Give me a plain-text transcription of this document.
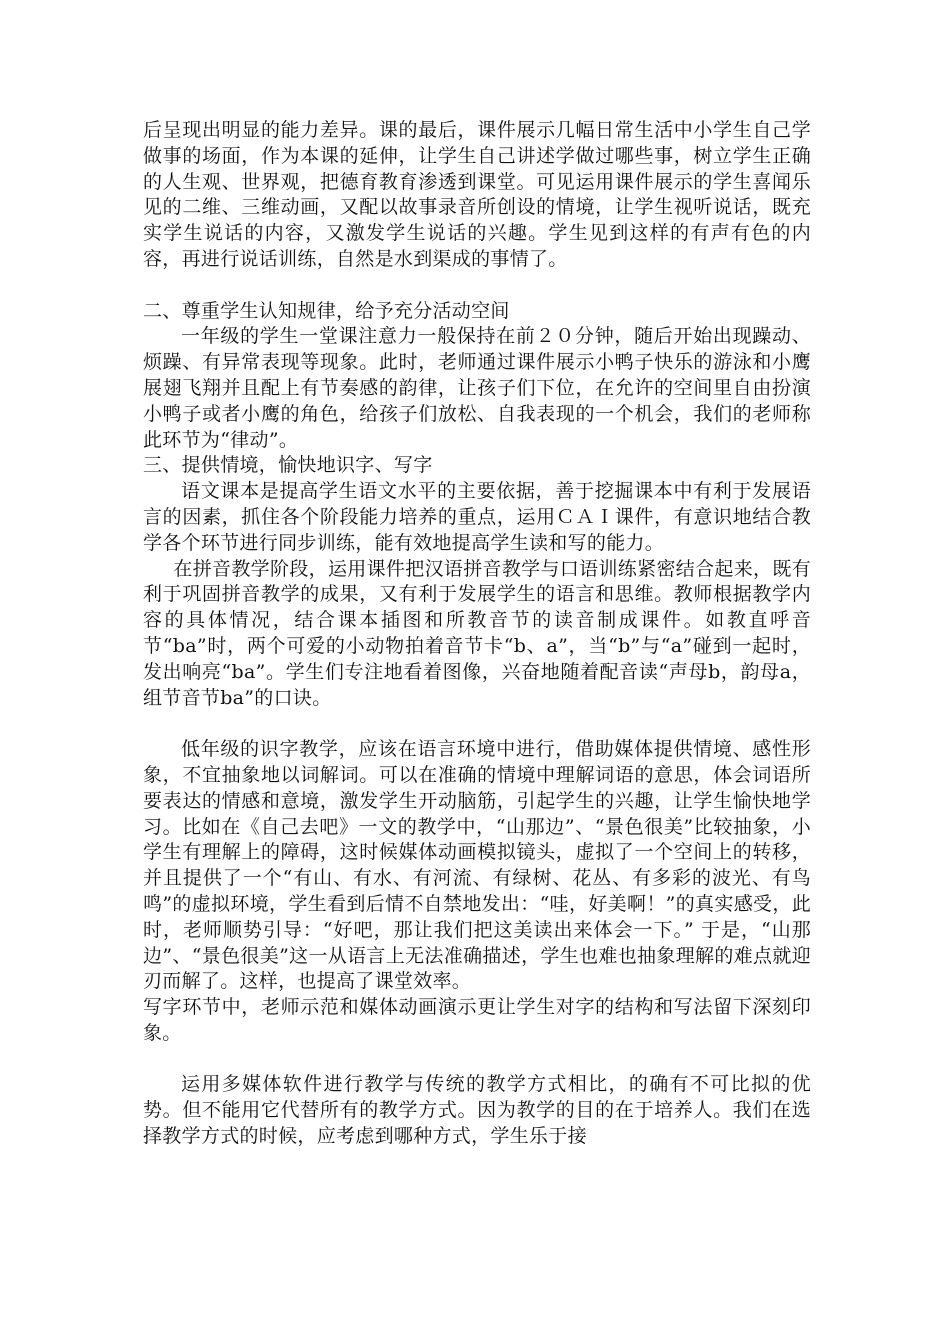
后呈现出明显的能力差异。课的最后，课件展示几幅日常生活中小学生自己学做事的场面，作为本课的延伸，让学生自己讲述学做过哪些事，树立学生正确的人生观、世界观，把德育教育渗透到课堂。可见运用课件展示的学生喜闻乐见的二维、三维动画，又配以故事录音所创设的情境，让学生视听说话，既充实学生说话的内容，又激发学生说话的兴趣。学生见到这样的有声有色的内容，再进行说话训练，自然是水到渠成的事情了。

二、尊重学生认知规律，给予充分活动空间

一年级的学生一堂课注意力一般保持在前２０分钟，随后开始出现躁动、烦躁、有异常表现等现象。此时，老师通过课件展示小鸭子快乐的游泳和小鹰展翅飞翔并且配上有节奏感的韵律，让孩子们下位，在允许的空间里自由扮演小鸭子或者小鹰的角色，给孩子们放松、自我表现的一个机会，我们的老师称此环节为“律动”。

三、提供情境，愉快地识字、写字

语文课本是提高学生语文水平的主要依据，善于挖掘课本中有利于发展语言的因素，抓住各个阶段能力培养的重点，运用ＣＡＩ课件，有意识地结合教学各个环节进行同步训练，能有效地提高学生读和写的能力。

在拼音教学阶段，运用课件把汉语拼音教学与口语训练紧密结合起来，既有利于巩固拼音教学的成果，又有利于发展学生的语言和思维。教师根据教学内容的具体情况，结合课本插图和所教音节的读音制成课件。如教直呼音节“ba”时，两个可爱的小动物拍着音节卡“b、a”，当“b”与“a”碰到一起时，发出响亮“ba”。学生们专注地看着图像，兴奋地随着配音读“声母b，韵母a，组节音节ba”的口诀。

低年级的识字教学，应该在语言环境中进行，借助媒体提供情境、感性形象，不宜抽象地以词解词。可以在准确的情境中理解词语的意思，体会词语所要表达的情感和意境，激发学生开动脑筋，引起学生的兴趣，让学生愉快地学习。比如在《自己去吧》一文的教学中，“山那边”、“景色很美”比较抽象，小学生有理解上的障碍，这时候媒体动画模拟镜头，虚拟了一个空间上的转移，并且提供了一个“有山、有水、有河流、有绿树、花丛、有多彩的波光、有鸟鸣”的虚拟环境，学生看到后情不自禁地发出：“哇，好美啊！”的真实感受，此时，老师顺势引导：“好吧，那让我们把这美读出来体会一下。” 于是，“山那边”、“景色很美”这一从语言上无法准确描述，学生也难也抽象理解的难点就迎刃而解了。这样，也提高了课堂效率。

写字环节中，老师示范和媒体动画演示更让学生对字的结构和写法留下深刻印象。

运用多媒体软件进行教学与传统的教学方式相比，的确有不可比拟的优势。但不能用它代替所有的教学方式。因为教学的目的在于培养人。我们在选择教学方式的时候，应考虑到哪种方式，学生乐于接
